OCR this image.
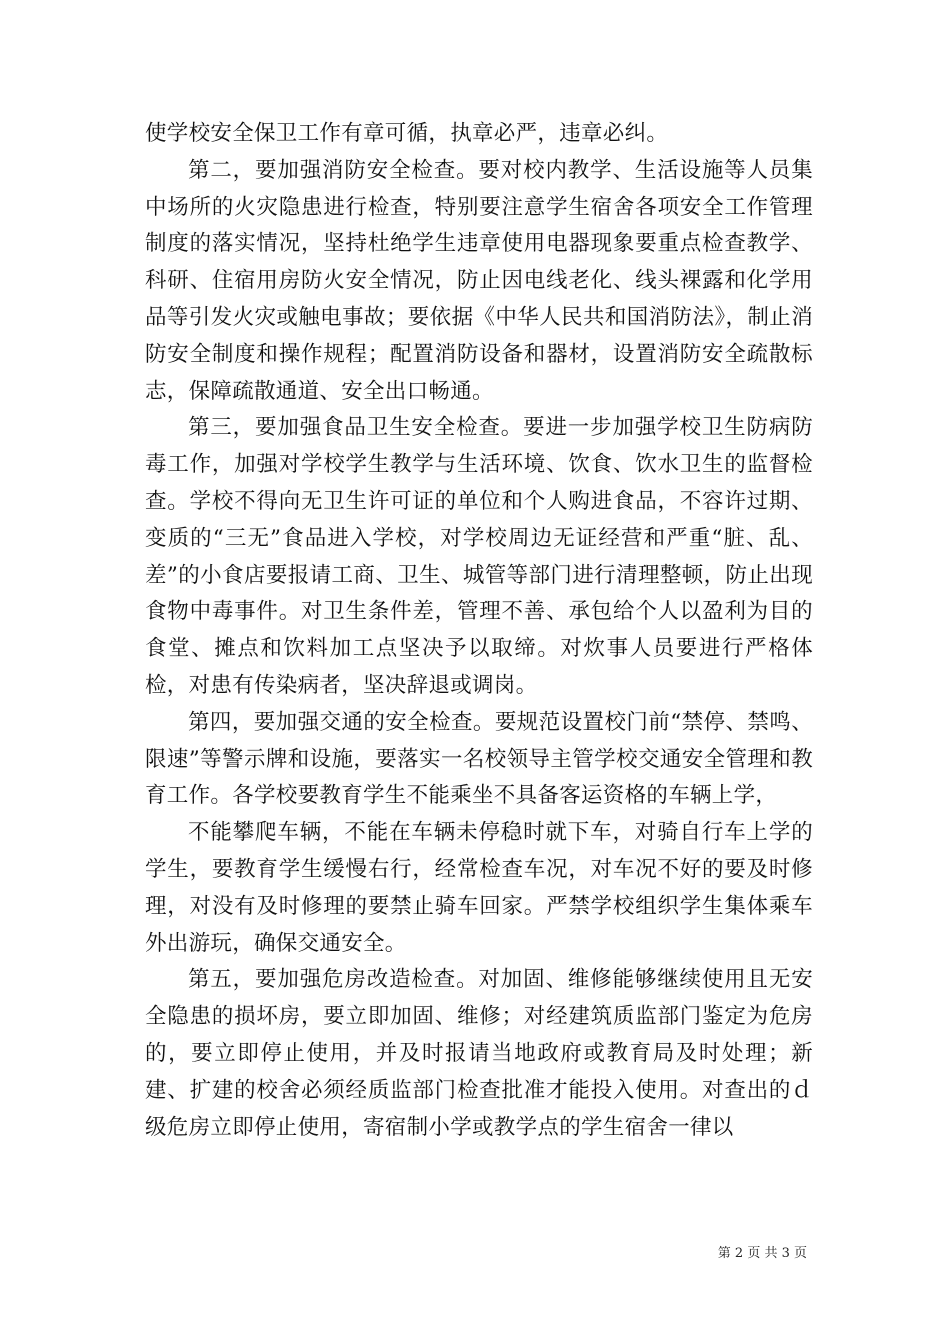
使学校安全保卫工作有章可循，执章必严，违章必纠。

第二，要加强消防安全检查。要对校内教学、生活设施等人员集中场所的火灾隐患进行检查，特别要注意学生宿舍各项安全工作管理制度的落实情况，坚持杜绝学生违章使用电器现象要重点检查教学、科研、住宿用房防火安全情况，防止因电线老化、线头裸露和化学用品等引发火灾或触电事故；要依据《中华人民共和国消防法》，制止消防安全制度和操作规程；配置消防设备和器材，设置消防安全疏散标志，保障疏散通道、安全出口畅通。

第三，要加强食品卫生安全检查。要进一步加强学校卫生防病防毒工作，加强对学校学生教学与生活环境、饮食、饮水卫生的监督检查。学校不得向无卫生许可证的单位和个人购进食品，不容许过期、变质的“三无”食品进入学校，对学校周边无证经营和严重“脏、乱、差”的小食店要报请工商、卫生、城管等部门进行清理整顿，防止出现食物中毒事件。对卫生条件差，管理不善、承包给个人以盈利为目的食堂、摊点和饮料加工点坚决予以取缔。对炊事人员要进行严格体检，对患有传染病者，坚决辞退或调岗。

第四，要加强交通的安全检查。要规范设置校门前“禁停、禁鸣、限速”等警示牌和设施，要落实一名校领导主管学校交通安全管理和教育工作。各学校要教育学生不能乘坐不具备客运资格的车辆上学，

不能攀爬车辆，不能在车辆未停稳时就下车，对骑自行车上学的学生，要教育学生缓慢右行，经常检查车况，对车况不好的要及时修理，对没有及时修理的要禁止骑车回家。严禁学校组织学生集体乘车外出游玩，确保交通安全。

第五，要加强危房改造检查。对加固、维修能够继续使用且无安全隐患的损坏房，要立即加固、维修；对经建筑质监部门鉴定为危房的，要立即停止使用，并及时报请当地政府或教育局及时处理；新建、扩建的校舍必须经质监部门检查批准才能投入使用。对查出的ｄ级危房立即停止使用，寄宿制小学或教学点的学生宿舍一律以

第 2 页 共 3 页
